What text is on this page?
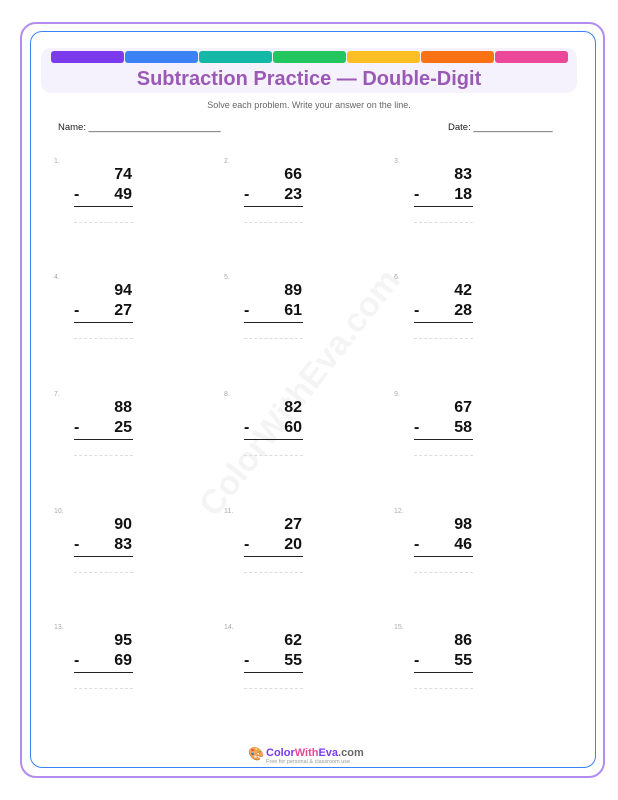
Subtraction Practice — Double-Digit
Solve each problem. Write your answer on the line.
Name: _________________________	Date: _______________
1.
74
- 49
2.
66
- 23
3.
83
- 18
4.
94
- 27
5.
89
- 61
6.
42
- 28
7.
88
- 25
8.
82
- 60
9.
67
- 58
10.
90
- 83
11.
27
- 20
12.
98
- 46
13.
95
- 69
14.
62
- 55
15.
86
- 55
🎨 ColorWithEva.com
Free for personal & classroom use
